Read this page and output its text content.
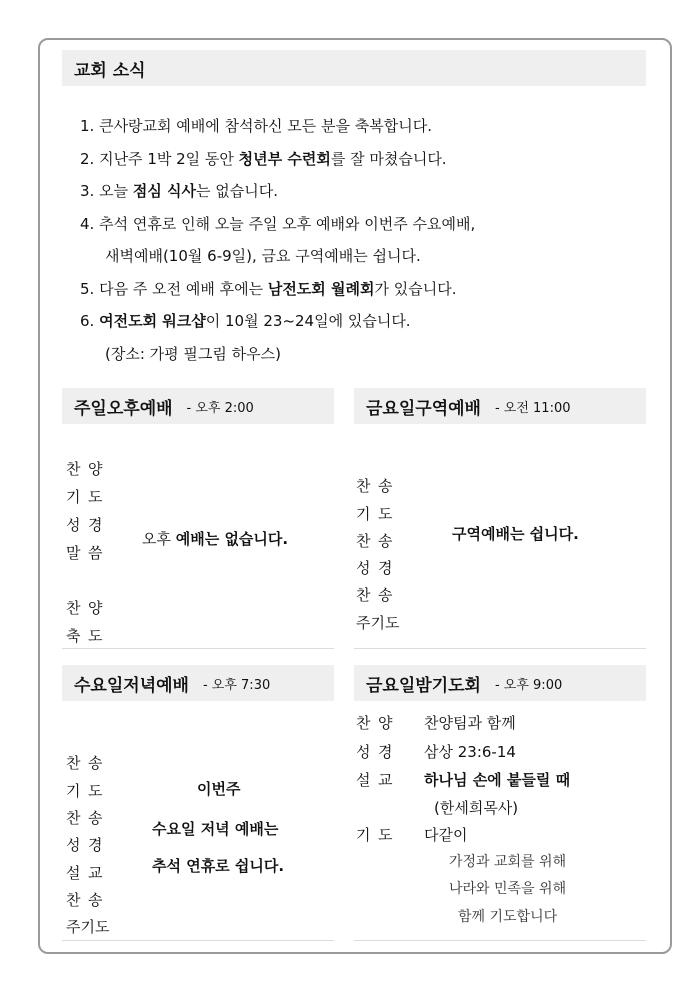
교회 소식
1. 큰사랑교회 예배에 참석하신 모든 분을 축복합니다.
2. 지난주 1박 2일 동안 청년부 수련회를 잘 마쳤습니다.
3. 오늘 점심 식사는 없습니다.
4. 추석 연휴로 인해 오늘 주일 오후 예배와 이번주 수요예배,
새벽예배(10월 6-9일), 금요 구역예배는 쉽니다.
5. 다음 주 오전 예배 후에는 남전도회 월례회가 있습니다.
6. 여전도회 워크샵이 10월 23~24일에 있습니다.
(장소: 가평 필그림 하우스)
주일오후예배 - 오후 2:00
찬 양
기 도
성 경
말 씀
찬 양
축 도
오후 예배는 없습니다.
금요일구역예배 - 오전 11:00
찬 송
기 도
찬 송
성 경
찬 송
주기도
구역예배는 쉽니다.
수요일저녁예배 - 오후 7:30
찬 송
기 도
찬 송
성 경
설 교
찬 송
주기도
이번주
수요일 저녁 예배는
추석 연휴로 쉽니다.
금요일밤기도회 - 오후 9:00
찬 양 찬양팀과 함께
성 경 삼상 23:6-14
설 교 하나님 손에 붙들릴 때
(한세희목사)
기 도 다같이
가정과 교회를 위해
나라와 민족을 위해
함께 기도합니다
